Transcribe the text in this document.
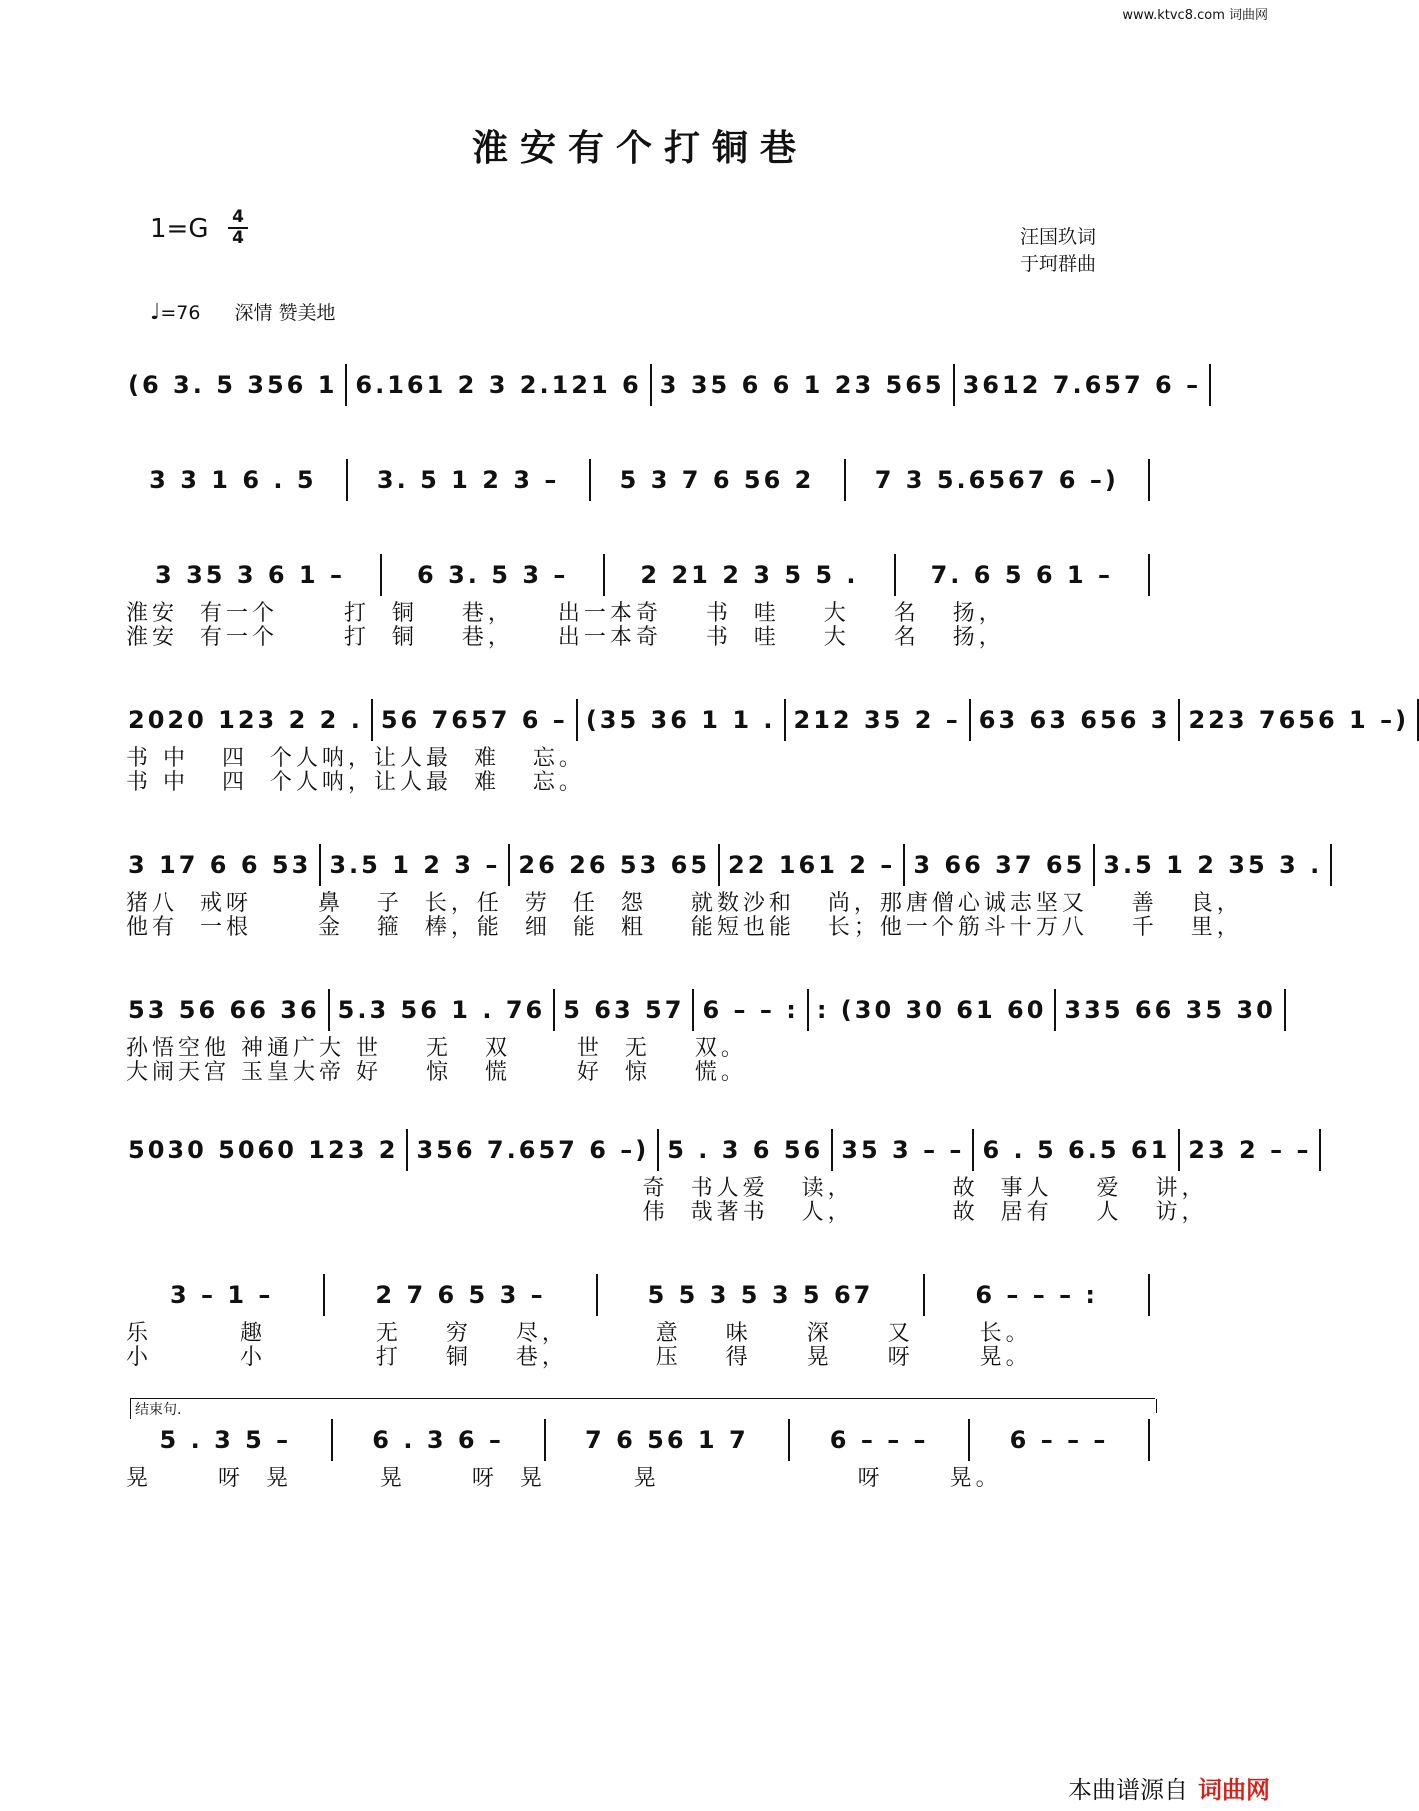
www.ktvc8.com 词曲网
淮安有个打铜巷
1=G 4
4	汪国玖词
于珂群曲
♩=76 深情 赞美地
(6 3. 5 356 1 6.161 2 3 2.121 6 3 35 6 6 1 23 565 3612 7.657 6 –
3 3 1 6 . 5	3. 5 1 2 3 –	5 3 7 6 56 2	7 3 5.6567 6 –)
3 35 3 6 1 –	6 3. 5 3 –	2 21 2 3 5 5 .	7. 6 5 6 1 –
淮安  有一个      打  铜    巷，    出一本奇    书  哇    大    名   扬，
淮安  有一个      打  铜    巷，    出一本奇    书  哇    大    名   扬，
2020 123 2 2 . 56 7657 6 – (35 36 1 1 . 212 35 2 – 63 63 656 3 223 7656 1 –)
书 中   四  个人呐，让人最  难   忘。
书 中   四  个人呐，让人最  难   忘。
3 17 6 6 53 3.5 1 2 3 – 26 26 53 65 22 161 2 – 3 66 37 65 3.5 1 2 35 3 .
猪八  戒呀      鼻   子  长，任  劳  任  怨    就数沙和   尚，那唐僧心诚志坚又    善   良，
他有  一根      金   箍  棒，能  细  能  粗    能短也能   长；他一个筋斗十万八    千   里，
53 56 66 36 5.3 56 1 . 76 5 63 57 6 – – : : (30 30 61 60 335 66 35 30
孙悟空他 神通广大 世    无   双      世  无    双。
大闹天宫 玉皇大帝 好    惊   慌      好  惊    慌。
5030 5060 123 2 356 7.657 6 –) 5 . 3 6 56 35 3 – – 6 . 5 6.5 61 23 2 – –
奇  书人爱   读，         故  事人    爱   讲，
伟  哉著书   人，         故  居有    人   访，
3 – 1 –	2 7 6 5 3 –	5 5 3 5 3 5 67	6 – – – :
乐        趣          无    穷    尽，        意    味     深     又      长。
小        小          打    铜    巷，        压    得     晃     呀      晃。
结束句.
5 . 3 5 –	6 . 3 6 –	7 6 56 1 7	6 – – –	6 – – –
晃      呀  晃        晃      呀  晃        晃                  呀      晃。
本曲谱源自 词曲网
